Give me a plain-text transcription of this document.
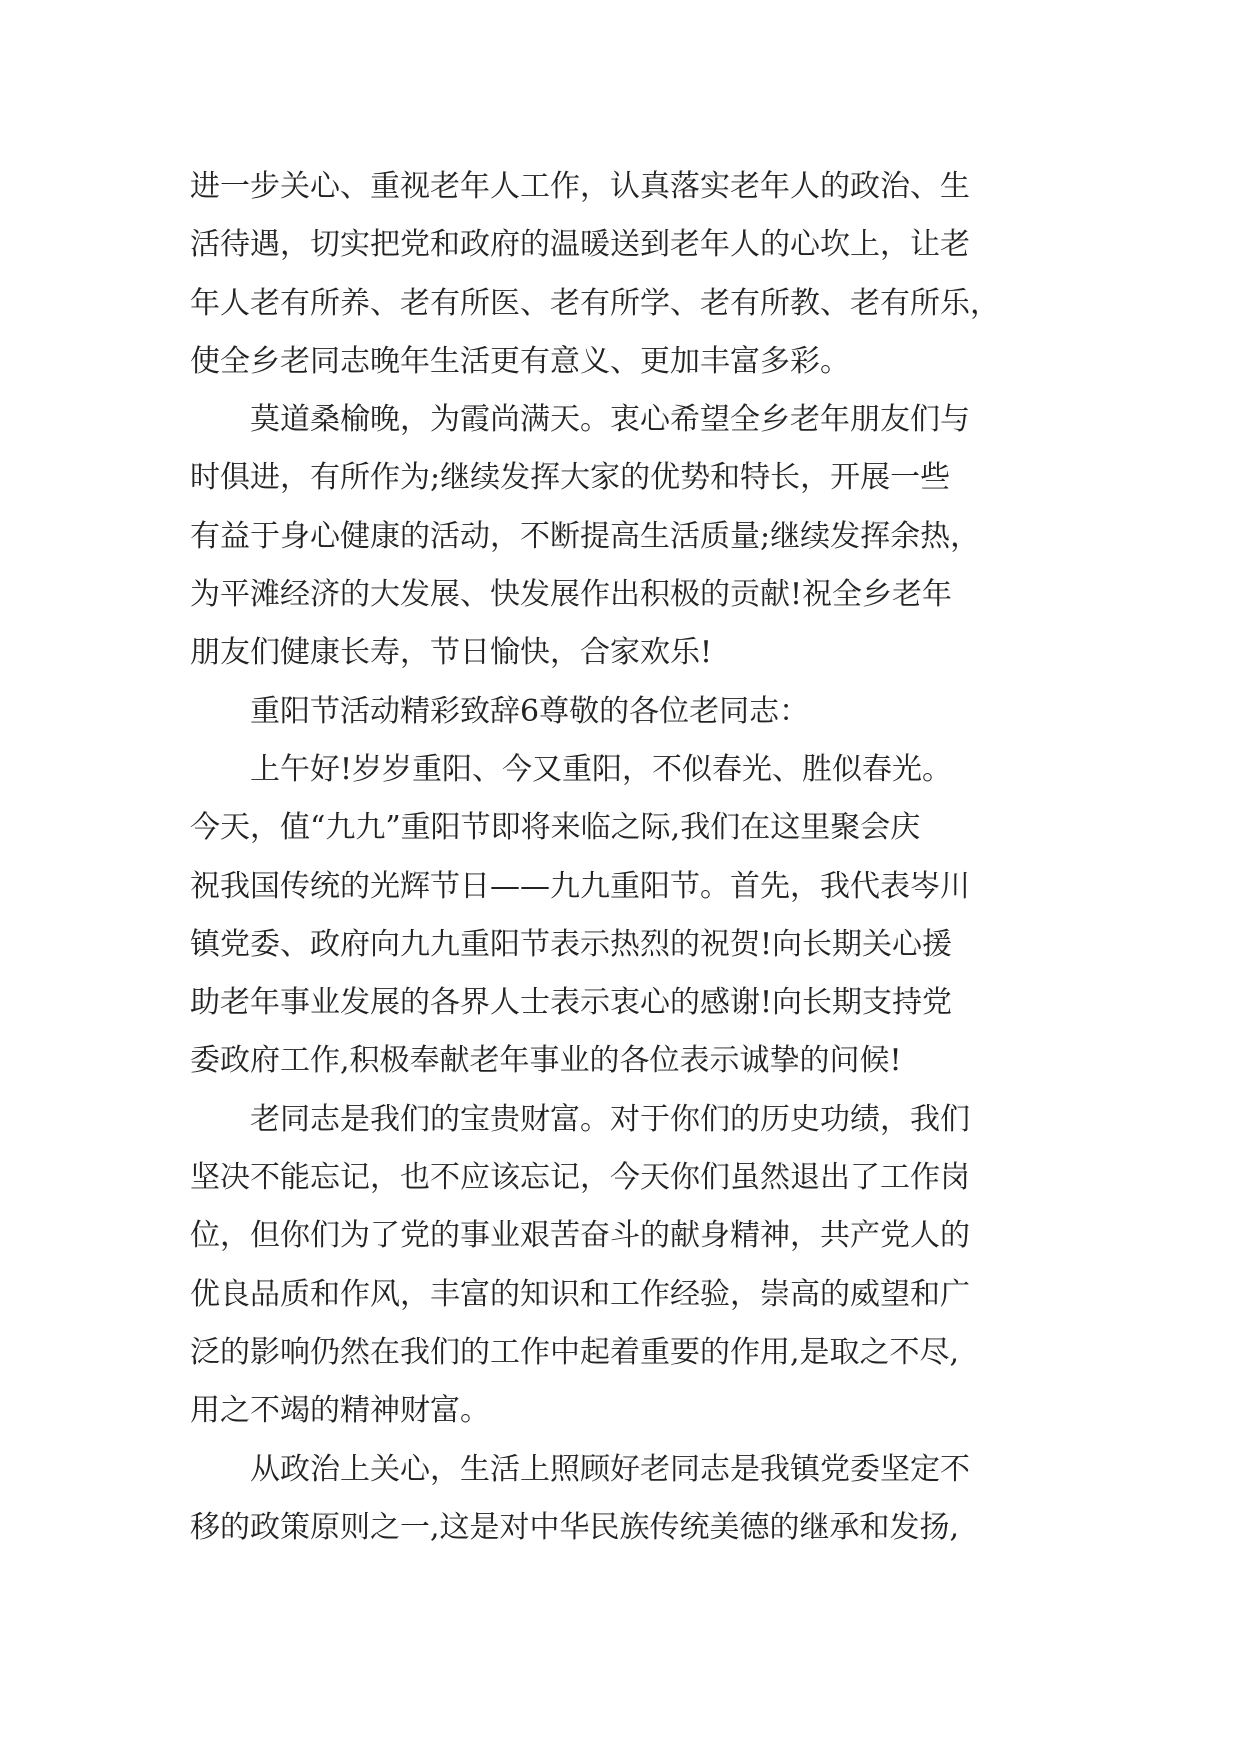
进一步关心、重视老年人工作，认真落实老年人的政治、生
活待遇，切实把党和政府的温暖送到老年人的心坎上，让老
年人老有所养、老有所医、老有所学、老有所教、老有所乐，
使全乡老同志晚年生活更有意义、更加丰富多彩。
莫道桑榆晚，为霞尚满天。衷心希望全乡老年朋友们与
时俱进，有所作为;继续发挥大家的优势和特长，开展一些
有益于身心健康的活动，不断提高生活质量;继续发挥余热，
为平滩经济的大发展、快发展作出积极的贡献!祝全乡老年
朋友们健康长寿，节日愉快，合家欢乐!
重阳节活动精彩致辞6尊敬的各位老同志：
上午好!岁岁重阳、今又重阳，不似春光、胜似春光。
今天，值“九九”重阳节即将来临之际,我们在这里聚会庆
祝我国传统的光辉节日——九九重阳节。首先，我代表岑川
镇党委、政府向九九重阳节表示热烈的祝贺!向长期关心援
助老年事业发展的各界人士表示衷心的感谢!向长期支持党
委政府工作,积极奉献老年事业的各位表示诚挚的问候!
老同志是我们的宝贵财富。对于你们的历史功绩，我们
坚决不能忘记，也不应该忘记，今天你们虽然退出了工作岗
位，但你们为了党的事业艰苦奋斗的献身精神，共产党人的
优良品质和作风，丰富的知识和工作经验，崇高的威望和广
泛的影响仍然在我们的工作中起着重要的作用,是取之不尽,
用之不竭的精神财富。
从政治上关心，生活上照顾好老同志是我镇党委坚定不
移的政策原则之一,这是对中华民族传统美德的继承和发扬,
